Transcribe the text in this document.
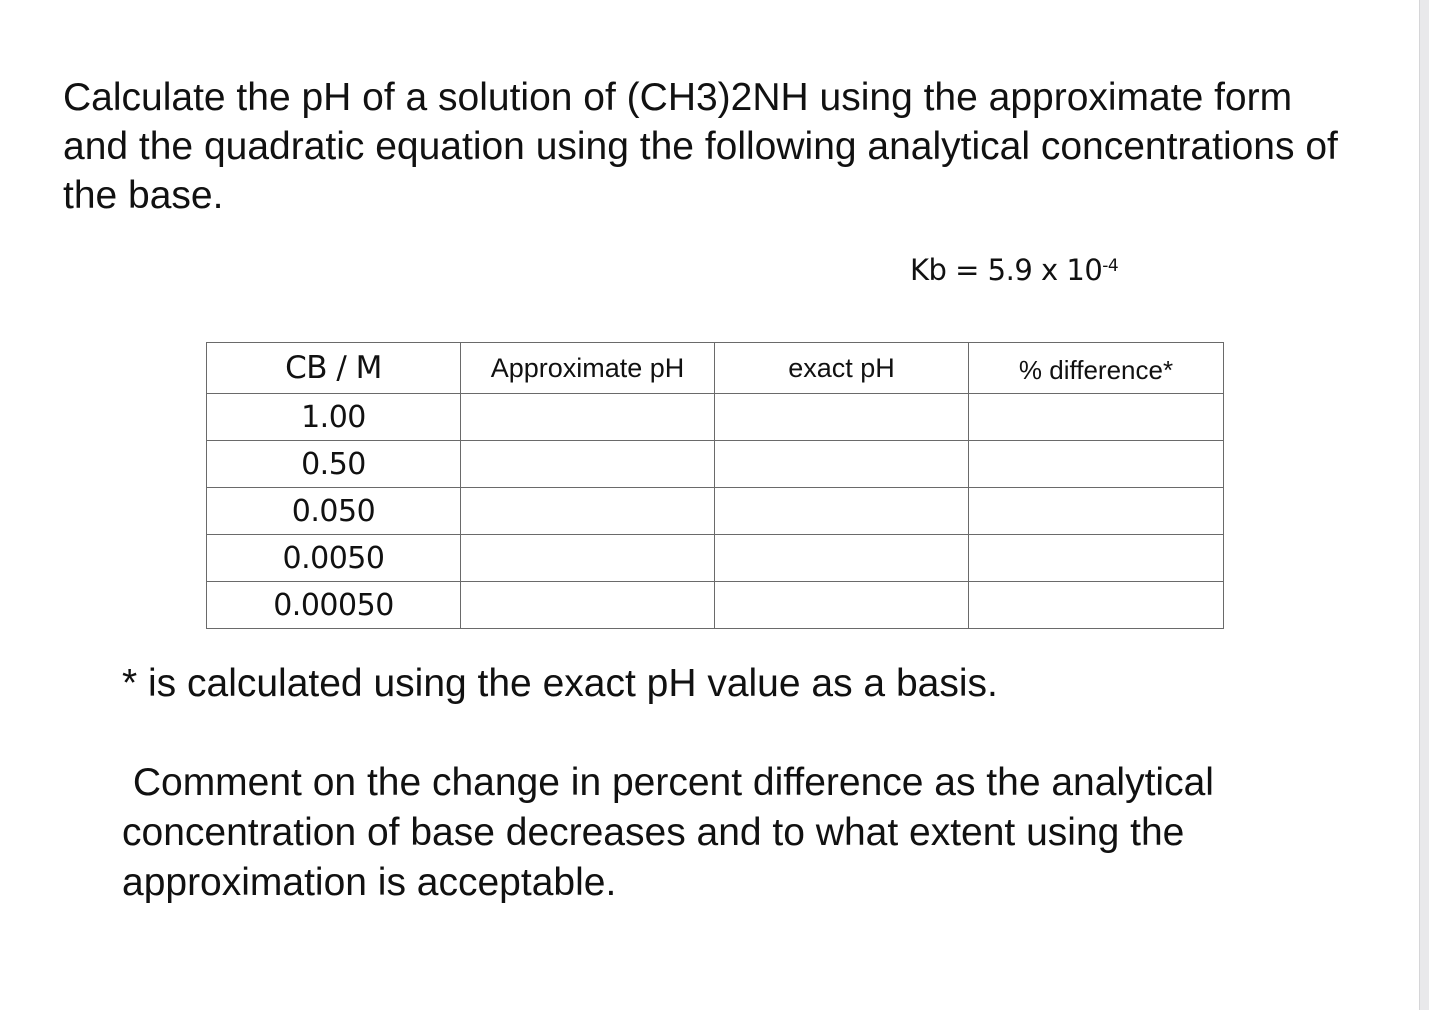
Calculate the pH of a solution of (CH3)2NH using the approximate form and the quadratic equation using the following analytical concentrations of the base.

Kb = 5.9 x $10^{-4}$
CB / M	Approximate pH	exact pH	% difference*
1.00			
0.50			
0.050			
0.0050			
0.00050			

* is calculated using the exact pH value as a basis.

Comment on the change in percent difference as the analytical concentration of base decreases and to what extent using the approximation is acceptable.
